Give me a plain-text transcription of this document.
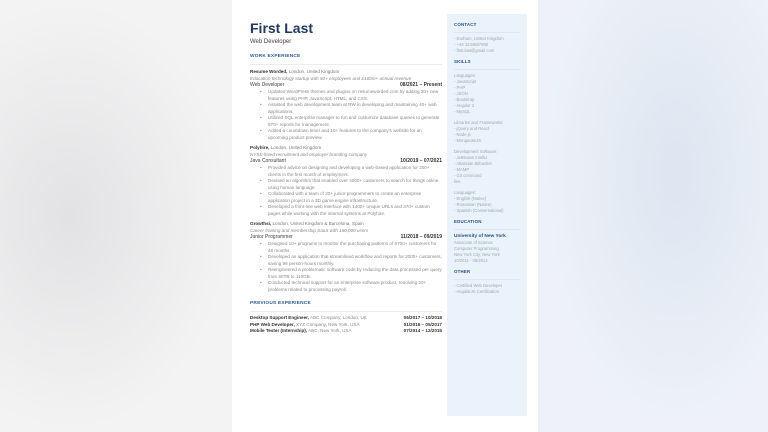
First Last
Web Developer
WORK EXPERIENCE
Resume Worded, London, United Kingdom
Education technology startup with 50+ employees and £100m+ annual revenue
Web Developer	08/2021 – Present
• Updated WordPress themes and plugins on resumeworded.com by adding 20+ new features using PHP, JavaScript, HTML, and CSS.
• Assisted the web development team at RW in developing and maintaining 40+ web applications.
• Utilized SQL enterprise manager to run and customize database queries to generate 570+ reports for management.
• Added a countdown timer and 10+ features to the company's website for an upcoming product preview.
Polyhire, London, United Kingdom
NYSE-listed recruitment and employer branding company
Java Consultant	10/2019 – 07/2021
• Provided advice on designing and developing a web-based application for 200+ clients in the first month of employment.
• Devised an algorithm that enabled over 4000+ customers to search for things online using human language.
• Collaborated with a team of 20+ junior programmers to create an enterprise application project in a 3D game engine infrastructure.
• Developed a front-line web interface with 1400+ unique URLs and 370+ custom pages while working with the internal systems at Polyhire.
Growthsi, London, United Kingdom & Barcelona, Spain
Career training and membership SaaS with 150,000 users
Junior Programmer	11/2018 – 09/2019
• Designed 10+ programs to monitor the purchasing patterns of 6700+ customers for 48 months.
• Developed an application that streamlined workflow and reports for 2000+ customers, saving 96 person-hours monthly.
• Reengineered a problematic software code by reducing the data processed per query from 50TB to 110GB.
• Conducted technical support for an enterprise software product, resolving 20+ problems related to processing payroll.
PREVIOUS EXPERIENCE
Desktop Support Engineer, ABC Company, London, UK	06/2017 – 10/2018
PHP Web Developer, XYZ Company, New York, USA	01/2016 – 05/2017
Mobile Tester (Internship), ABC, New York, USA	07/2014 – 12/2015
CONTACT
- Durham, United Kingdom
- +44 1234567890
- first.last@gmail.com
SKILLS
Languages:
- JavaScript
- PHP
- JSON
- Bootstrap
- Angular 2
- MySQL
Libraries and Frameworks:
- jQuery and React
- Node.js
- MongooseJS
Development Software:
- JetBrains IntelliJ
- Atlassian Bitbucket
- MAMP
- Git command
line
Languages:
- English (Native)
- Romanian (Native)
- Spanish (Conversational)
EDUCATION
University of New York
Associate of Science
Computer Programming
New York City, New York
10/2011 - 06/2014
OTHER
- Certified Web Developer
- AngularJS Certification
